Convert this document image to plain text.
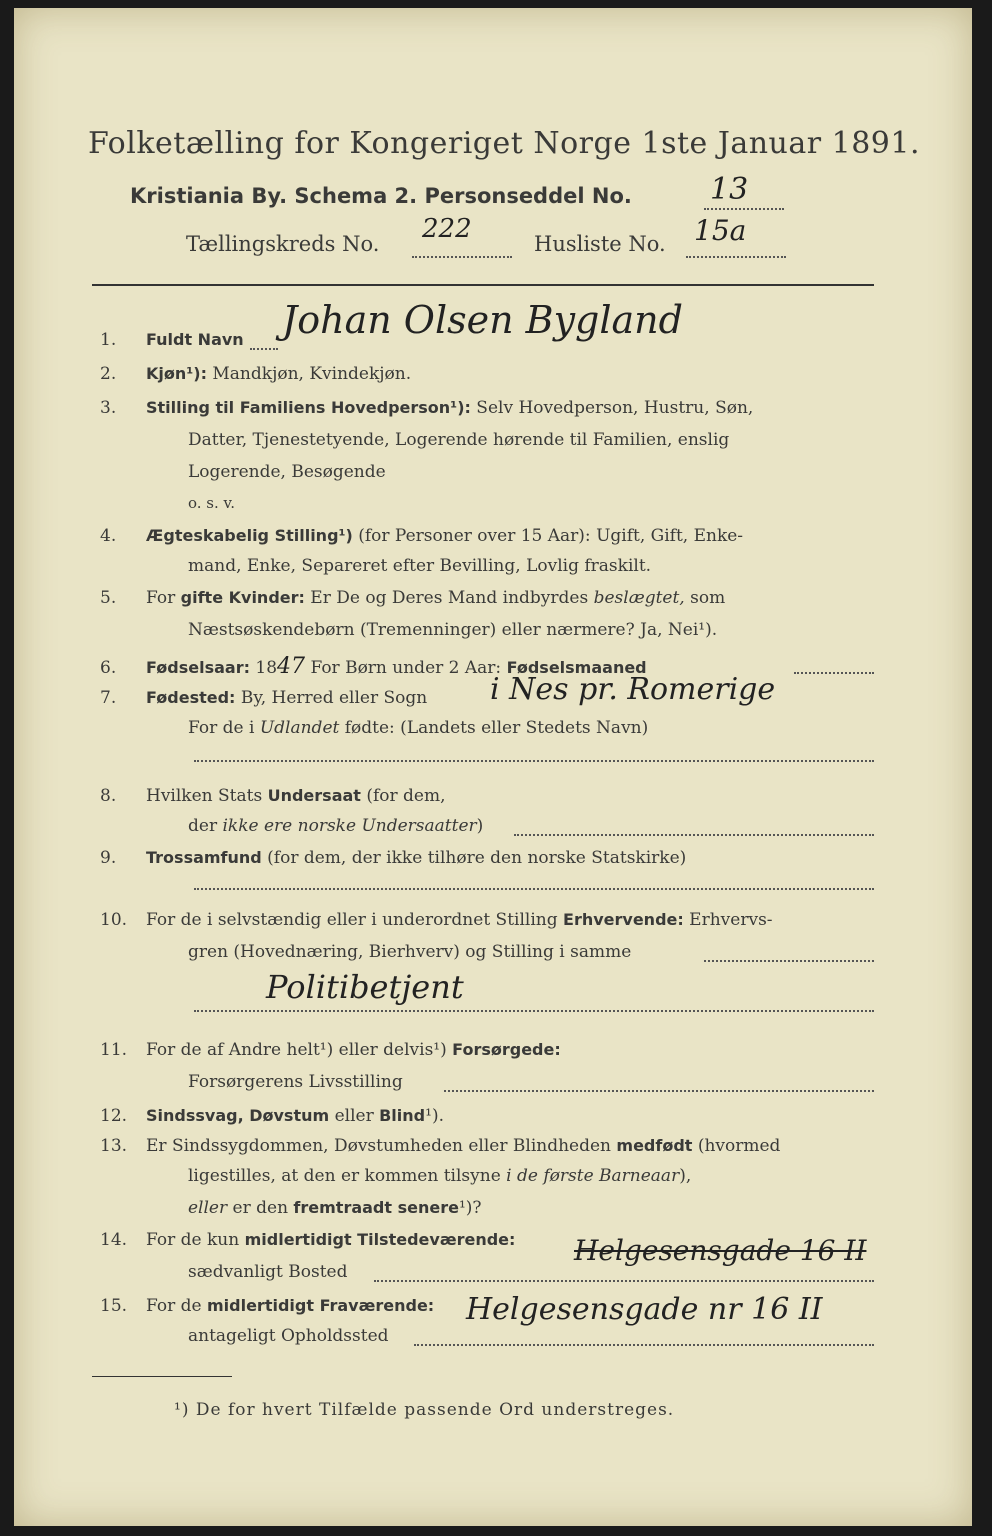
Folketælling for Kongeriget Norge 1ste Januar 1891.
Kristiania By. Schema 2. Personseddel No.	13
Tællingskreds No. 222	Husliste No. 15a
1. Fuldt Navn Johan Olsen Bygland
2. Kjøn¹): Mandkjøn, Kvindekjøn.
3. Stilling til Familiens Hovedperson¹): Selv Hovedperson, Hustru, Søn,
Datter, Tjenestetyende, Logerende hørende til Familien, enslig
Logerende, Besøgende
o. s. v.
4. Ægteskabelig Stilling¹) (for Personer over 15 Aar): Ugift, Gift, Enke-
mand, Enke, Separeret efter Bevilling, Lovlig fraskilt.
5. For gifte Kvinder: Er De og Deres Mand indbyrdes beslægtet, som
Næstsøskendebørn (Tremenninger) eller nærmere? Ja, Nei¹).
6. Fødselsaar: 1847 For Børn under 2 Aar: Fødselsmaaned
7. Fødested: By, Herred eller Sogn i Nes pr. Romerige
For de i Udlandet fødte: (Landets eller Stedets Navn)
8. Hvilken Stats Undersaat (for dem,
der ikke ere norske Undersaatter)
9. Trossamfund (for dem, der ikke tilhøre den norske Statskirke)
10. For de i selvstændig eller i underordnet Stilling Erhvervende: Erhvervs-
gren (Hovednæring, Bierhverv) og Stilling i samme
Politibetjent
11. For de af Andre helt¹) eller delvis¹) Forsørgede:
Forsørgerens Livsstilling
12. Sindssvag, Døvstum eller Blind¹).
13. Er Sindssygdommen, Døvstumheden eller Blindheden medfødt (hvormed
ligestilles, at den er kommen tilsyne i de første Barneaar),
eller er den fremtraadt senere¹)?
14. For de kun midlertidigt Tilstedeværende:
sædvanligt Bosted
Helgesensgade 16 II
15. For de midlertidigt Fraværende:
antageligt Opholdssted
Helgesensgade nr 16 II
¹) De for hvert Tilfælde passende Ord understreges.
